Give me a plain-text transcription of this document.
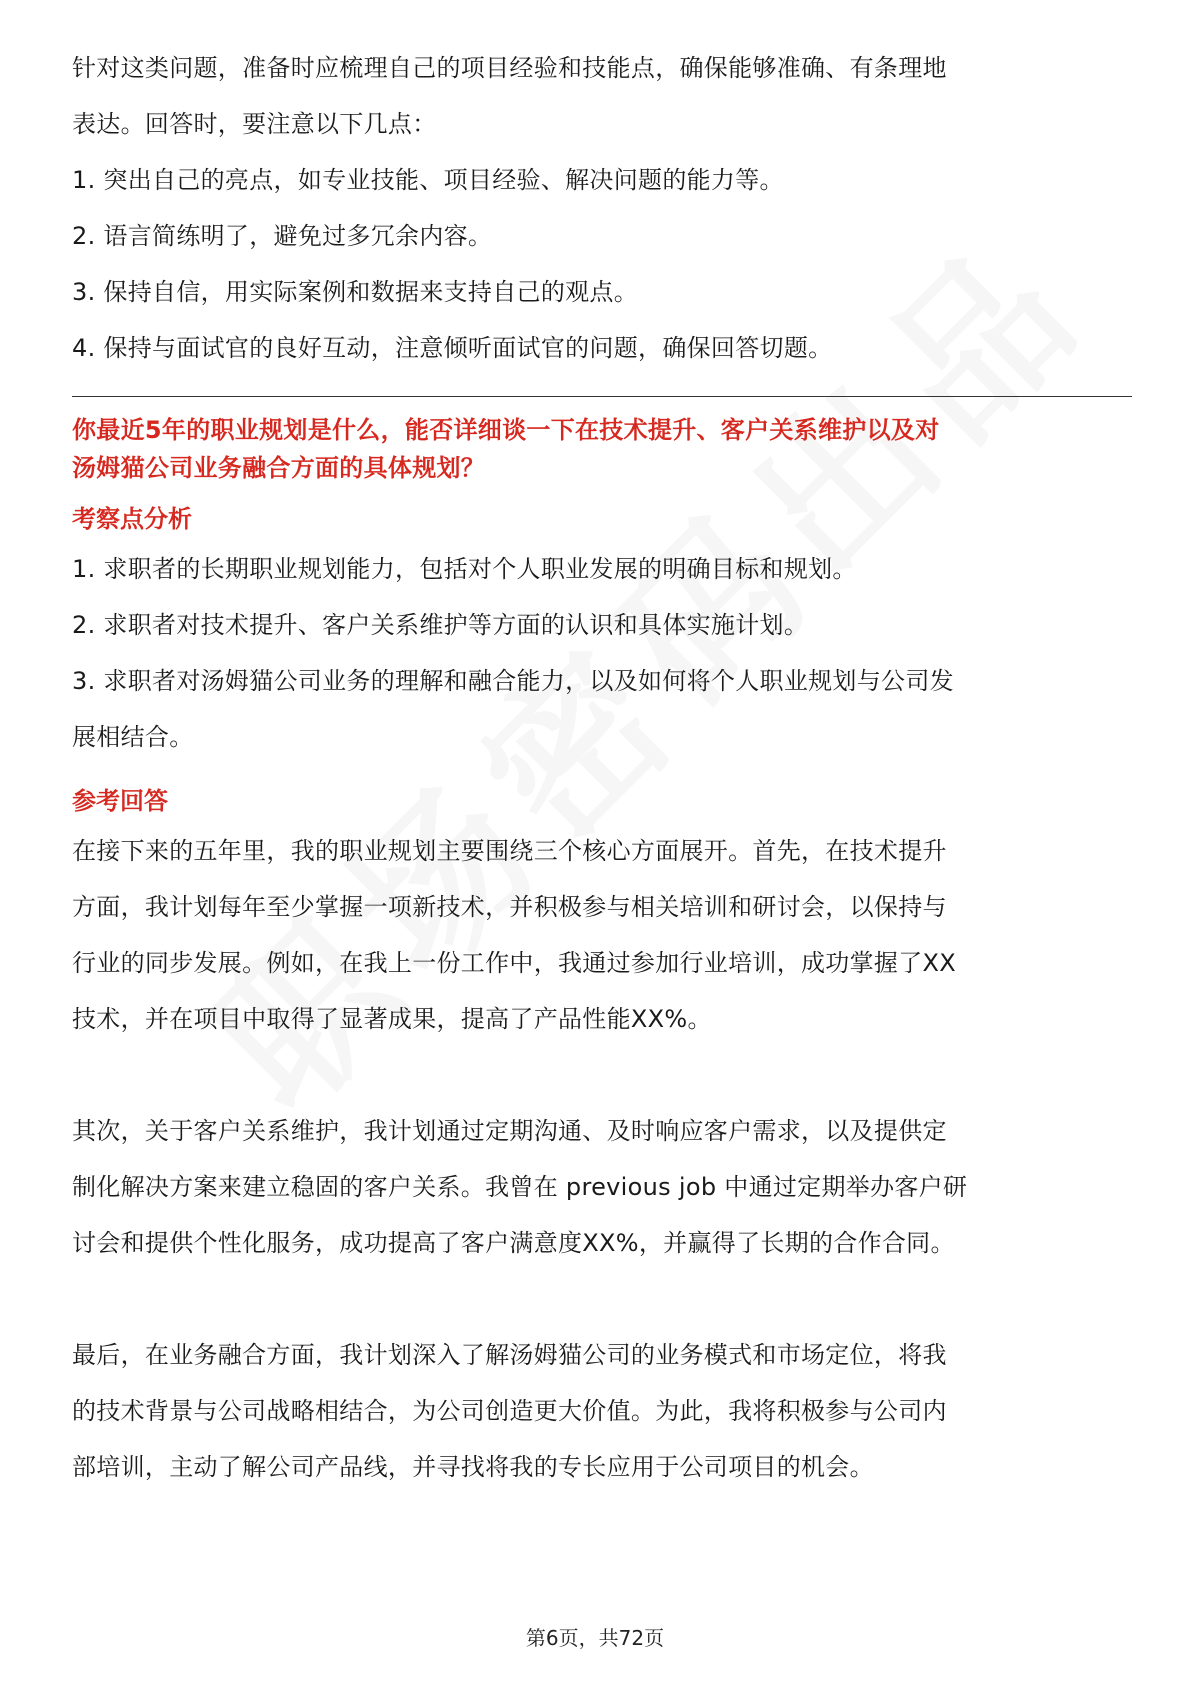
针对这类问题，准备时应梳理自己的项目经验和技能点，确保能够准确、有条理地

表达。回答时，要注意以下几点：

1. 突出自己的亮点，如专业技能、项目经验、解决问题的能力等。

2. 语言简练明了，避免过多冗余内容。

3. 保持自信，用实际案例和数据来支持自己的观点。

4. 保持与面试官的良好互动，注意倾听面试官的问题，确保回答切题。

你最近5年的职业规划是什么，能否详细谈一下在技术提升、客户关系维护以及对
汤姆猫公司业务融合方面的具体规划？

考察点分析

1. 求职者的长期职业规划能力，包括对个人职业发展的明确目标和规划。

2. 求职者对技术提升、客户关系维护等方面的认识和具体实施计划。

3. 求职者对汤姆猫公司业务的理解和融合能力，以及如何将个人职业规划与公司发

展相结合。

参考回答

在接下来的五年里，我的职业规划主要围绕三个核心方面展开。首先，在技术提升

方面，我计划每年至少掌握一项新技术，并积极参与相关培训和研讨会，以保持与

行业的同步发展。例如，在我上一份工作中，我通过参加行业培训，成功掌握了XX

技术，并在项目中取得了显著成果，提高了产品性能XX%。

其次，关于客户关系维护，我计划通过定期沟通、及时响应客户需求，以及提供定

制化解决方案来建立稳固的客户关系。我曾在 previous job 中通过定期举办客户研

讨会和提供个性化服务，成功提高了客户满意度XX%，并赢得了长期的合作合同。

最后，在业务融合方面，我计划深入了解汤姆猫公司的业务模式和市场定位，将我

的技术背景与公司战略相结合，为公司创造更大价值。为此，我将积极参与公司内

部培训，主动了解公司产品线，并寻找将我的专长应用于公司项目的机会。

第6页，共72页
